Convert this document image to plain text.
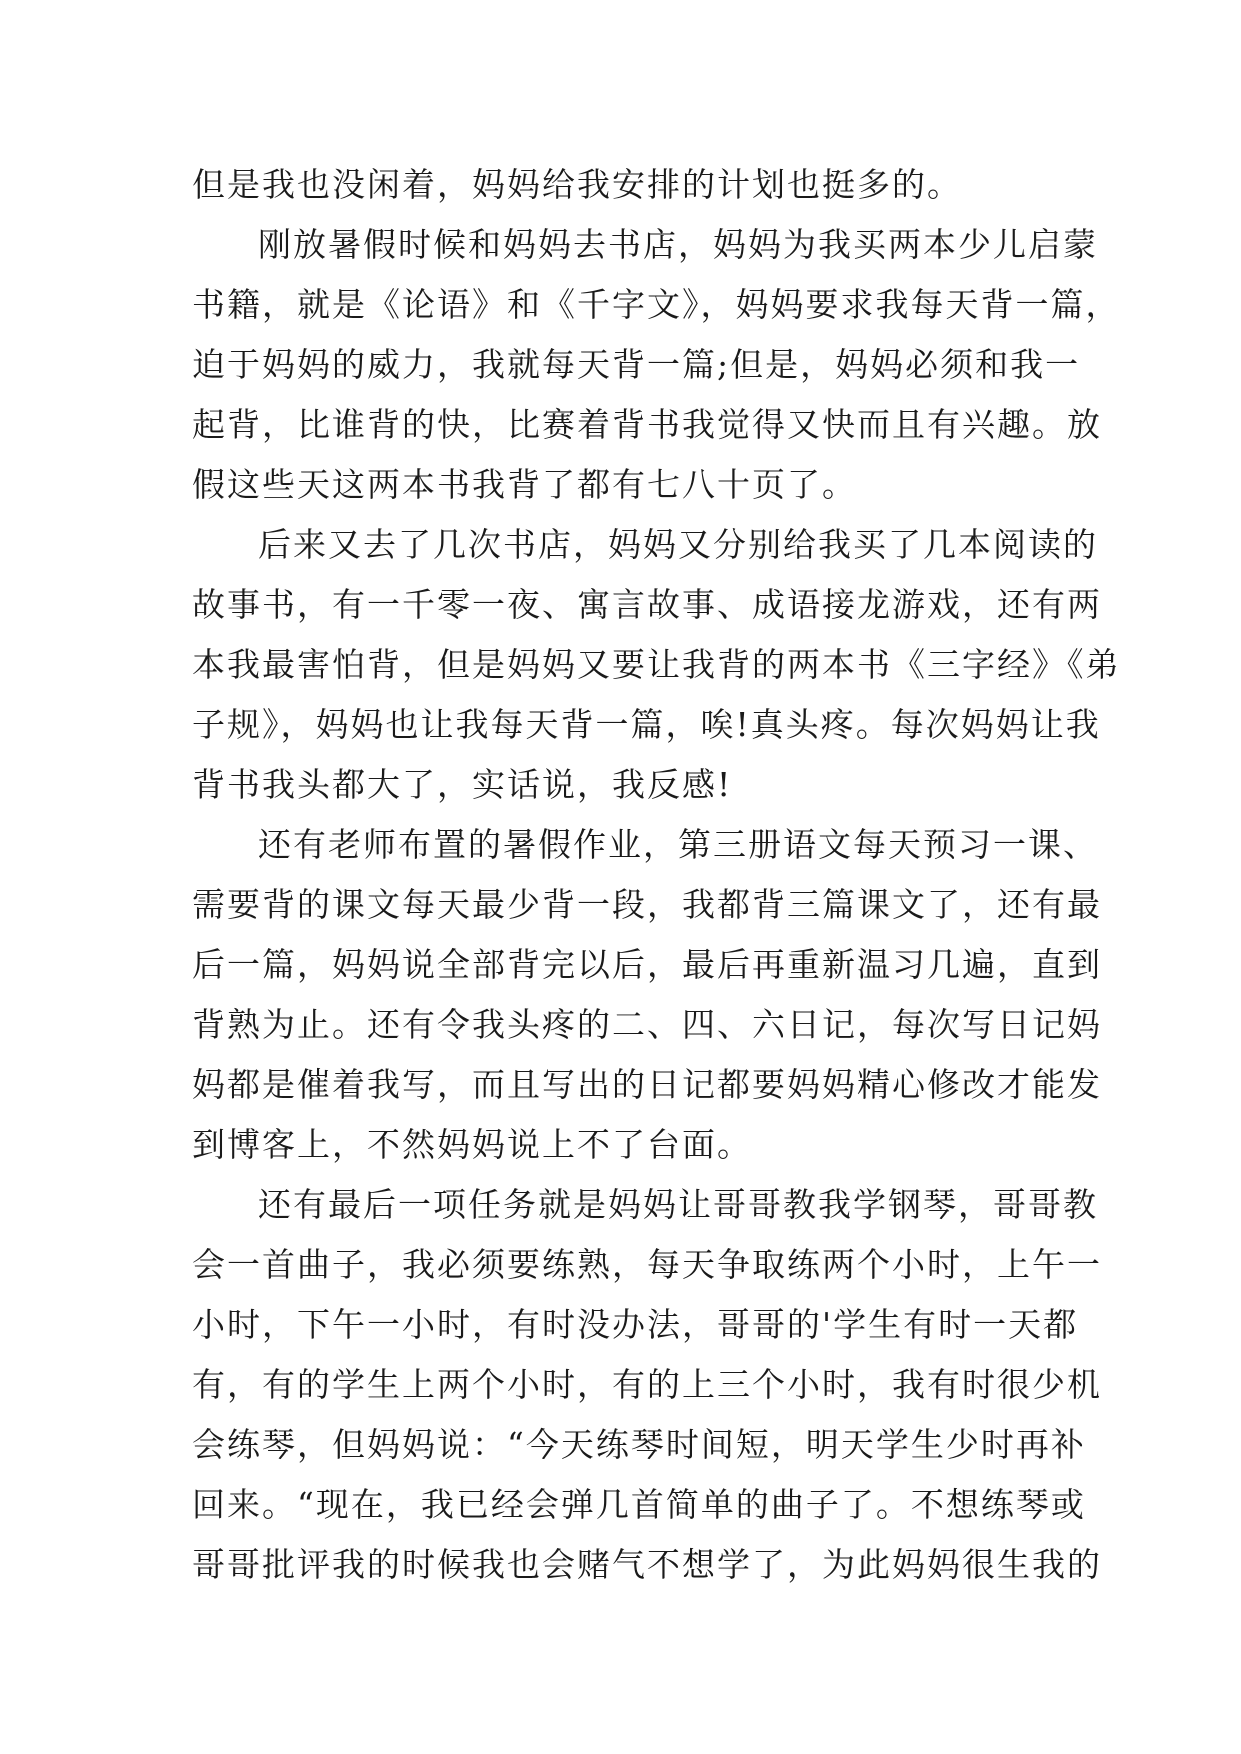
但是我也没闲着，妈妈给我安排的计划也挺多的。
刚放暑假时候和妈妈去书店，妈妈为我买两本少儿启蒙
书籍，就是《论语》和《千字文》，妈妈要求我每天背一篇，
迫于妈妈的威力，我就每天背一篇;但是，妈妈必须和我一
起背，比谁背的快，比赛着背书我觉得又快而且有兴趣。放
假这些天这两本书我背了都有七八十页了。
后来又去了几次书店，妈妈又分别给我买了几本阅读的
故事书，有一千零一夜、寓言故事、成语接龙游戏，还有两
本我最害怕背，但是妈妈又要让我背的两本书《三字经》《弟
子规》，妈妈也让我每天背一篇，唉!真头疼。每次妈妈让我
背书我头都大了，实话说，我反感!
还有老师布置的暑假作业，第三册语文每天预习一课、
需要背的课文每天最少背一段，我都背三篇课文了，还有最
后一篇，妈妈说全部背完以后，最后再重新温习几遍，直到
背熟为止。还有令我头疼的二、四、六日记，每次写日记妈
妈都是催着我写，而且写出的日记都要妈妈精心修改才能发
到博客上，不然妈妈说上不了台面。
还有最后一项任务就是妈妈让哥哥教我学钢琴，哥哥教
会一首曲子，我必须要练熟，每天争取练两个小时，上午一
小时，下午一小时，有时没办法，哥哥的'学生有时一天都
有，有的学生上两个小时，有的上三个小时，我有时很少机
会练琴，但妈妈说：“今天练琴时间短，明天学生少时再补
回来。“现在，我已经会弹几首简单的曲子了。不想练琴或
哥哥批评我的时候我也会赌气不想学了，为此妈妈很生我的
